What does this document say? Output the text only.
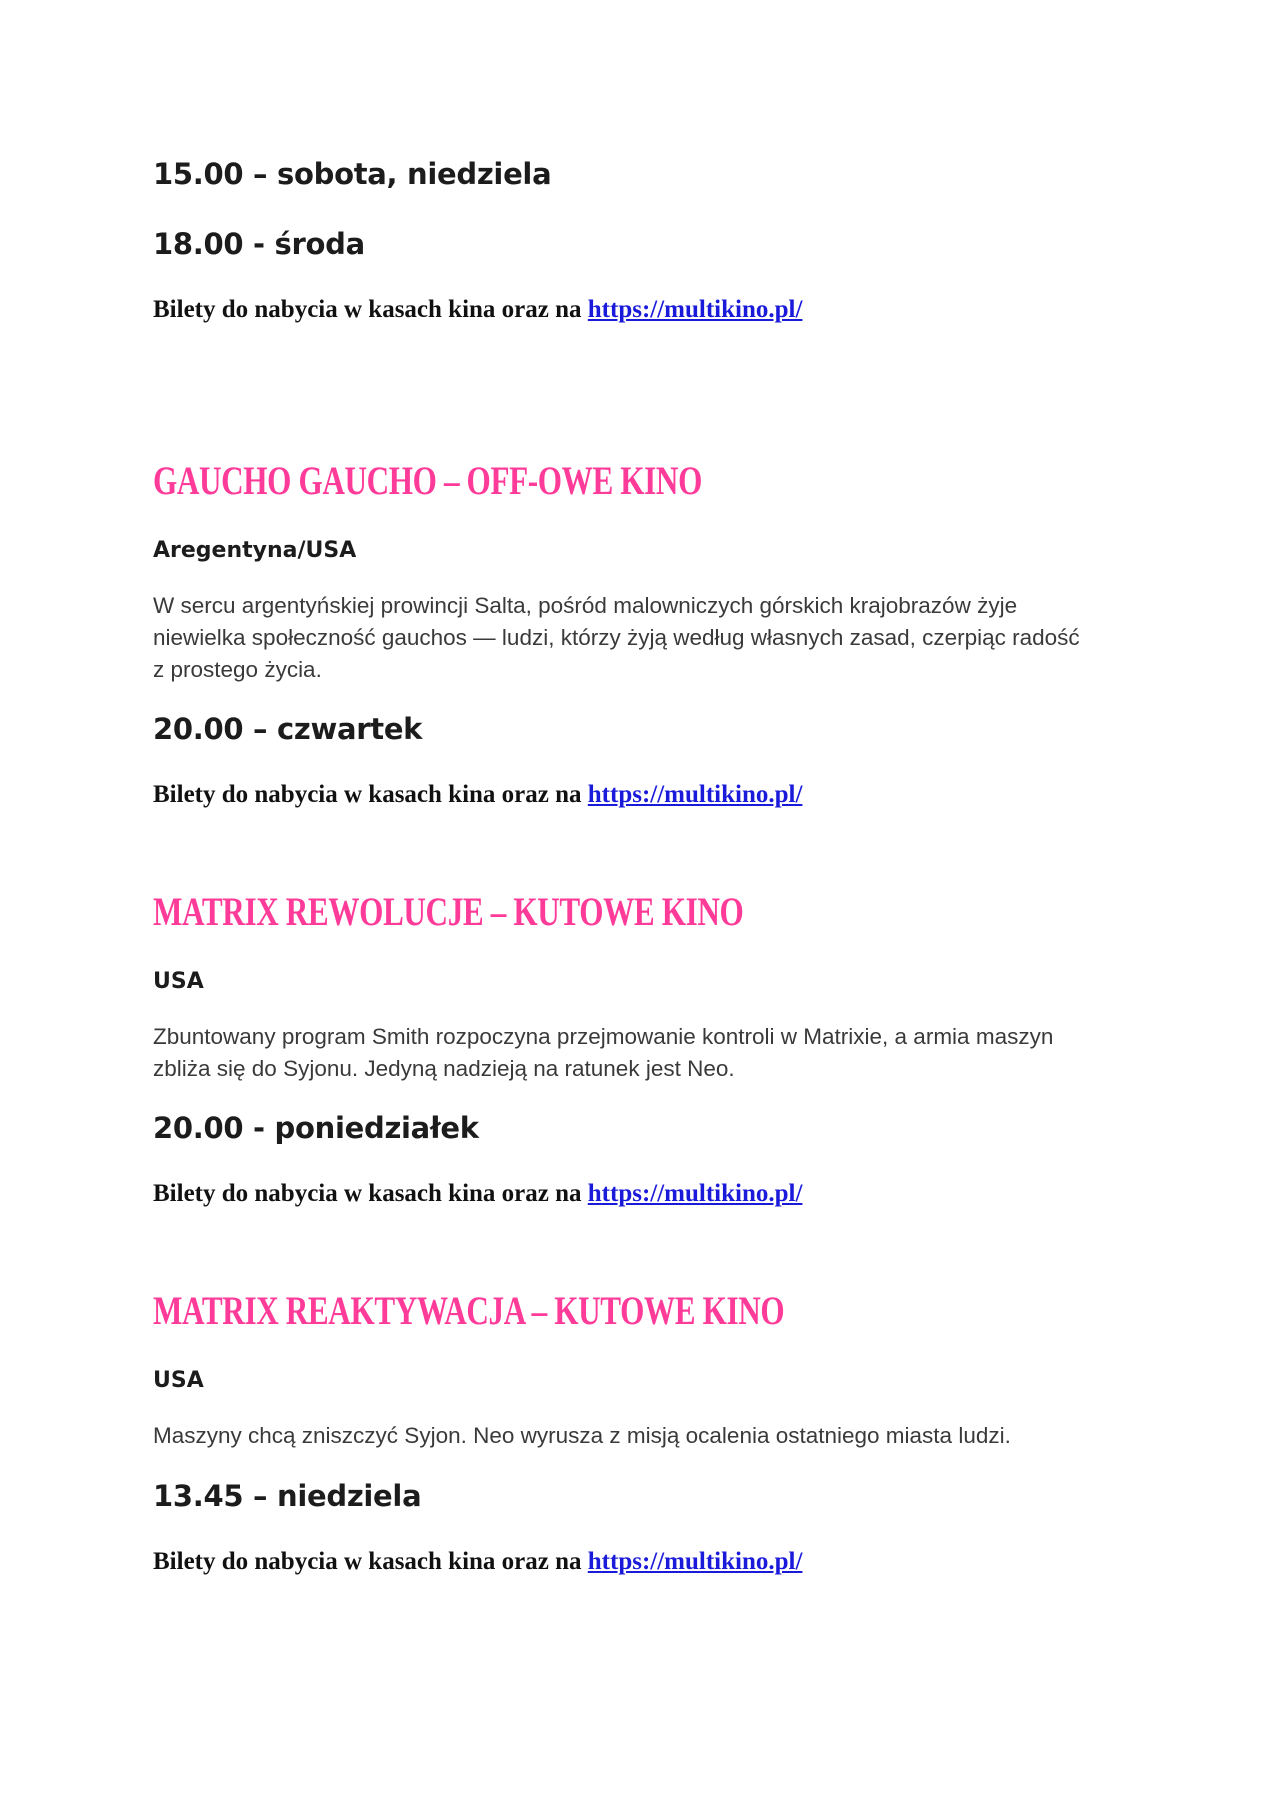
15.00 – sobota, niedziela

18.00 - środa

Bilety do nabycia w kasach kina oraz na https://multikino.pl/

GAUCHO GAUCHO – OFF-OWE KINO

Aregentyna/USA

W sercu argentyńskiej prowincji Salta, pośród malowniczych górskich krajobrazów żyje
niewielka społeczność gauchos — ludzi, którzy żyją według własnych zasad, czerpiąc radość
z prostego życia.

20.00 – czwartek

Bilety do nabycia w kasach kina oraz na https://multikino.pl/

MATRIX REWOLUCJE – KUTOWE KINO

USA

Zbuntowany program Smith rozpoczyna przejmowanie kontroli w Matrixie, a armia maszyn
zbliża się do Syjonu. Jedyną nadzieją na ratunek jest Neo.

20.00 - poniedziałek

Bilety do nabycia w kasach kina oraz na https://multikino.pl/

MATRIX REAKTYWACJA – KUTOWE KINO

USA

Maszyny chcą zniszczyć Syjon. Neo wyrusza z misją ocalenia ostatniego miasta ludzi.

13.45 – niedziela

Bilety do nabycia w kasach kina oraz na https://multikino.pl/
